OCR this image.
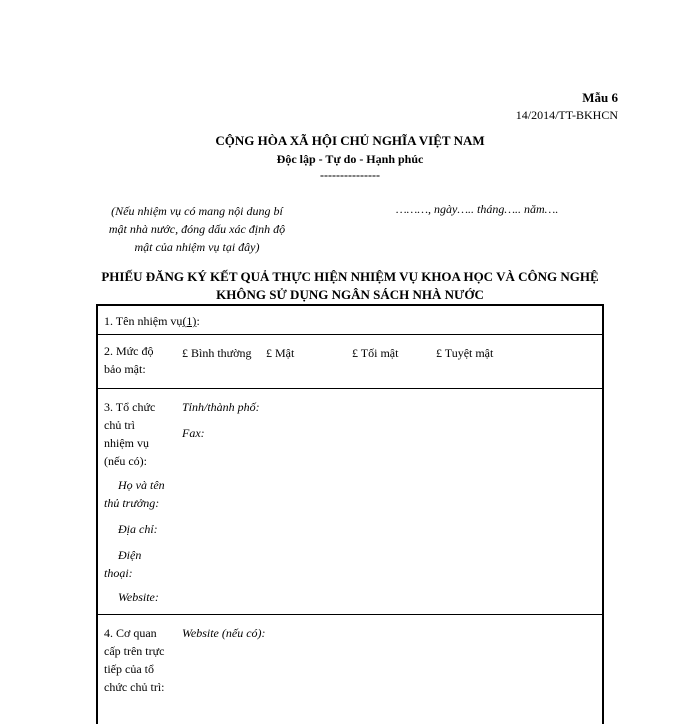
Mẫu 6
14/2014/TT-BKHCN
CỘNG HÒA XÃ HỘI CHỦ NGHĨA VIỆT NAM
Độc lập - Tự do - Hạnh phúc
---------------
(Nếu nhiệm vụ có mang nội dung bí
mật nhà nước, đóng dấu xác định độ
mật của nhiệm vụ tại đây)
………, ngày….. tháng….. năm….
PHIẾU ĐĂNG KÝ KẾT QUẢ THỰC HIỆN NHIỆM VỤ KHOA HỌC VÀ CÔNG NGHỆ
KHÔNG SỬ DỤNG NGÂN SÁCH NHÀ NƯỚC
1. Tên nhiệm vụ(1):
2. Mức độ
bảo mật:
£ Bình thường £ Mật	£ Tối mật	£ Tuyệt mật
3. Tổ chức
chủ trì
nhiệm vụ
(nếu có):
Tỉnh/thành phố:
Fax:
Họ và tên
thủ trưởng:
Địa chỉ:
Điện
thoại:
Website:
4. Cơ quan
cấp trên trực
tiếp của tổ
chức chủ trì:
Website (nếu có):
